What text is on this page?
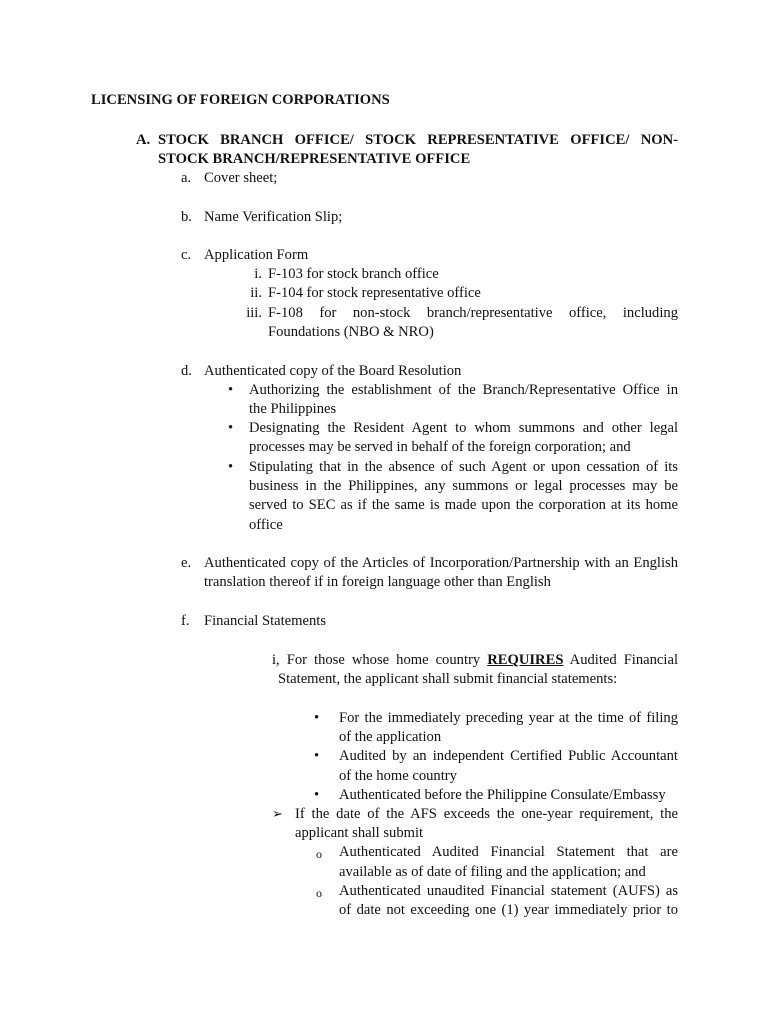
LICENSING OF FOREIGN CORPORATIONS
A. STOCK BRANCH OFFICE/ STOCK REPRESENTATIVE OFFICE/ NON-
STOCK BRANCH/REPRESENTATIVE OFFICE
a. Cover sheet;
b. Name Verification Slip;
c. Application Form
i. F-103 for stock branch office
ii. F-104 for stock representative office
iii. F-108 for non-stock branch/representative office, including
Foundations (NBO & NRO)
d. Authenticated copy of the Board Resolution
• Authorizing the establishment of the Branch/Representative Office in
the Philippines
• Designating the Resident Agent to whom summons and other legal
processes may be served in behalf of the foreign corporation; and
• Stipulating that in the absence of such Agent or upon cessation of its
business in the Philippines, any summons or legal processes may be
served to SEC as if the same is made upon the corporation at its home
office
e. Authenticated copy of the Articles of Incorporation/Partnership with an English
translation thereof if in foreign language other than English
f. Financial Statements
i, For those whose home country REQUIRES Audited Financial
Statement, the applicant shall submit financial statements:
• For the immediately preceding year at the time of filing
of the application
• Audited by an independent Certified Public Accountant
of the home country
• Authenticated before the Philippine Consulate/Embassy
➢ If the date of the AFS exceeds the one-year requirement, the
applicant shall submit
o Authenticated Audited Financial Statement that are
available as of date of filing and the application; and
o Authenticated unaudited Financial statement (AUFS) as
of date not exceeding one (1) year immediately prior to
